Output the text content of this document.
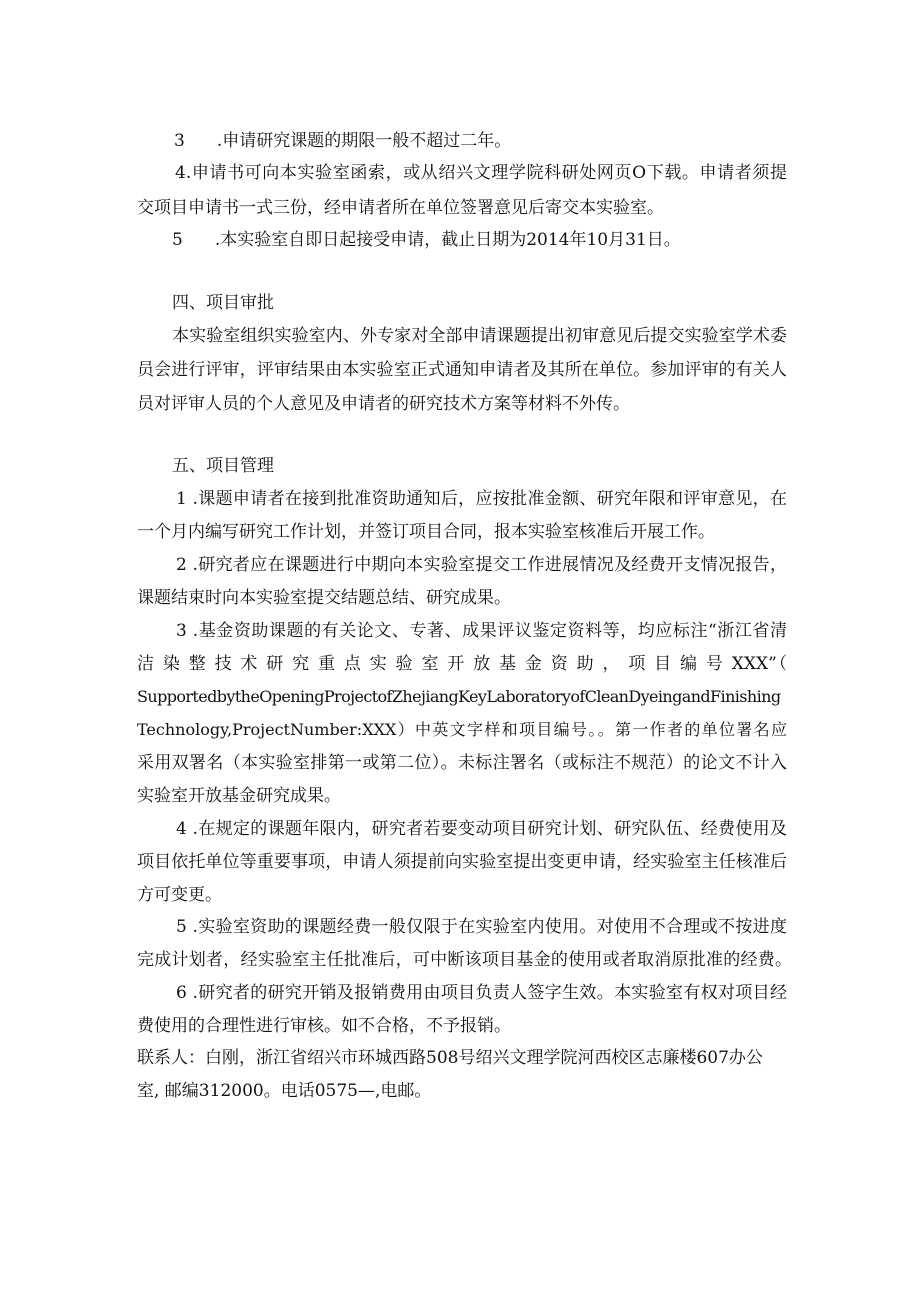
3 .申请研究课题的期限一般不超过二年。
4.申请书可向本实验室函索，或从绍兴文理学院科研处网页O下载。申请者须提
交项目申请书一式三份，经申请者所在单位签署意见后寄交本实验室。
5 .本实验室自即日起接受申请，截止日期为2014年10月31日。
四、项目审批
本实验室组织实验室内、外专家对全部申请课题提出初审意见后提交实验室学术委
员会进行评审，评审结果由本实验室正式通知申请者及其所在单位。参加评审的有关人
员对评审人员的个人意见及申请者的研究技术方案等材料不外传。
五、项目管理
1 .课题申请者在接到批准资助通知后，应按批准金额、研究年限和评审意见，在
一个月内编写研究工作计划，并签订项目合同，报本实验室核准后开展工作。
2 .研究者应在课题进行中期向本实验室提交工作进展情况及经费开支情况报告，
课题结束时向本实验室提交结题总结、研究成果。
3 .基金资助课题的有关论文、专著、成果评议鉴定资料等，均应标注“浙江省清
洁 染 整 技 术 研 究 重 点 实 验 室 开 放 基 金 资 助 ， 项 目 编 号 XXX”（
SupportedbytheOpeningProjectofZhejiangKeyLaboratoryofCleanDyeingandFinishing
Technology,ProjectNumber:XXX）中英文字样和项目编号。。第一作者的单位署名应
采用双署名（本实验室排第一或第二位）。未标注署名（或标注不规范）的论文不计入
实验室开放基金研究成果。
4 .在规定的课题年限内，研究者若要变动项目研究计划、研究队伍、经费使用及
项目依托单位等重要事项，申请人须提前向实验室提出变更申请，经实验室主任核准后
方可变更。
5 .实验室资助的课题经费一般仅限于在实验室内使用。对使用不合理或不按进度
完成计划者，经实验室主任批准后，可中断该项目基金的使用或者取消原批准的经费。
6 .研究者的研究开销及报销费用由项目负责人签字生效。本实验室有权对项目经
费使用的合理性进行审核。如不合格，不予报销。
联系人：白刚，浙江省绍兴市环城西路508号绍兴文理学院河西校区志廉楼607办公
室, 邮编312000。电话0575—,电邮。
